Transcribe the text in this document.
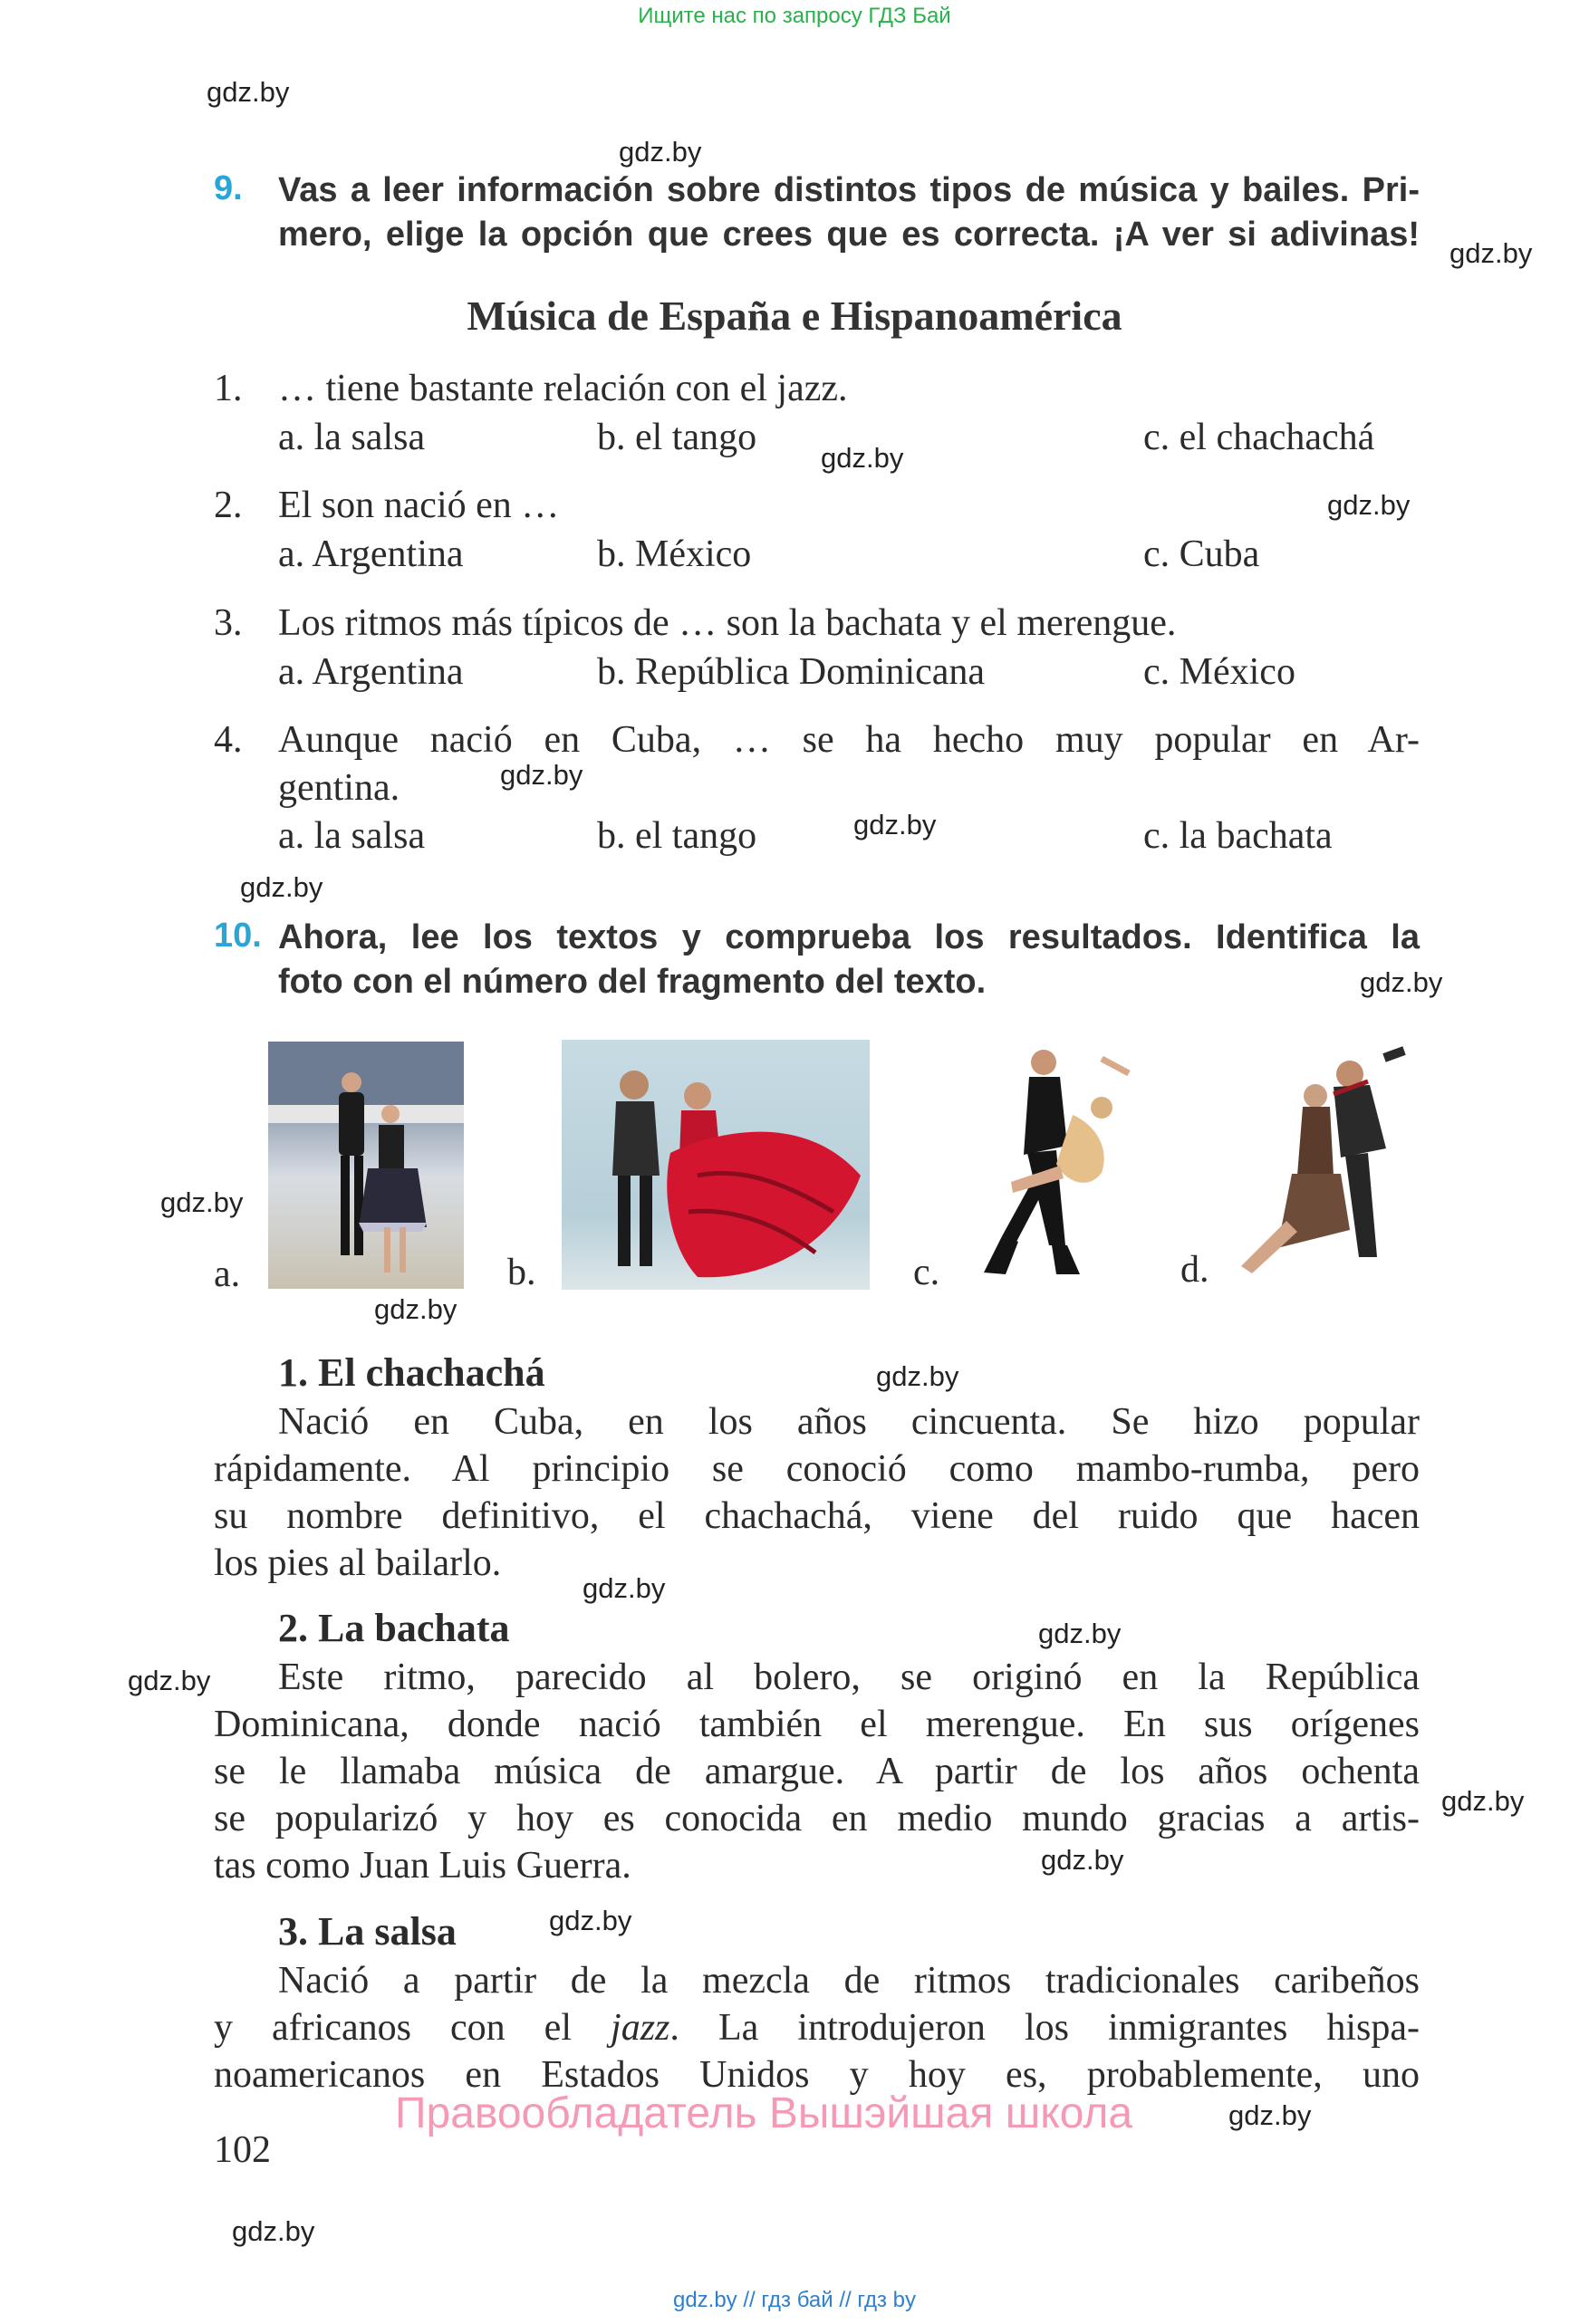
Ищите нас по запросу ГДЗ Бай
gdz.by // гдз бай // гдз by
gdz.by
gdz.by
gdz.by
gdz.by
gdz.by
gdz.by
gdz.by
gdz.by
gdz.by
gdz.by
gdz.by
gdz.by
gdz.by
gdz.by
gdz.by
gdz.by
gdz.by
gdz.by
gdz.by
gdz.by
9. Vas a leer información sobre distintos tipos de música y bailes. Pri-
mero, elige la opción que crees que es correcta. ¡A ver si adivinas!
Música de España e Hispanoamérica
1. … tiene bastante relación con el jazz.
a. la salsa	b. el tango	c. el chachachá
2. El son nació en …
a. Argentina	b. México	c. Cuba
3. Los ritmos más típicos de … son la bachata y el merengue.
a. Argentina	b. República Dominicana	c. México
4. Aunque nació en Cuba, … se ha hecho muy popular en Ar-
gentina.
a. la salsa	b. el tango	c. la bachata
10. Ahora, lee los textos y comprueba los resultados. Identifica la
foto con el número del fragmento del texto.
a.	b.	c.	d.
1. El chachachá
Nació en Cuba, en los años cincuenta. Se hizo popular
rápidamente. Al principio se conoció como mambo-rumba, pero
su nombre definitivo, el chachachá, viene del ruido que hacen
los pies al bailarlo.
2. La bachata
Este ritmo, parecido al bolero, se originó en la República
Dominicana, donde nació también el merengue. En sus orígenes
se le llamaba música de amargue. A partir de los años ochenta
se popularizó y hoy es conocida en medio mundo gracias a artis-
tas como Juan Luis Guerra.
3. La salsa
Nació a partir de la mezcla de ritmos tradicionales caribeños
y africanos con el jazz. La introdujeron los inmigrantes hispa-
noamericanos en Estados Unidos y hoy es, probablemente, uno
Правообладатель Вышэйшая школа
102
